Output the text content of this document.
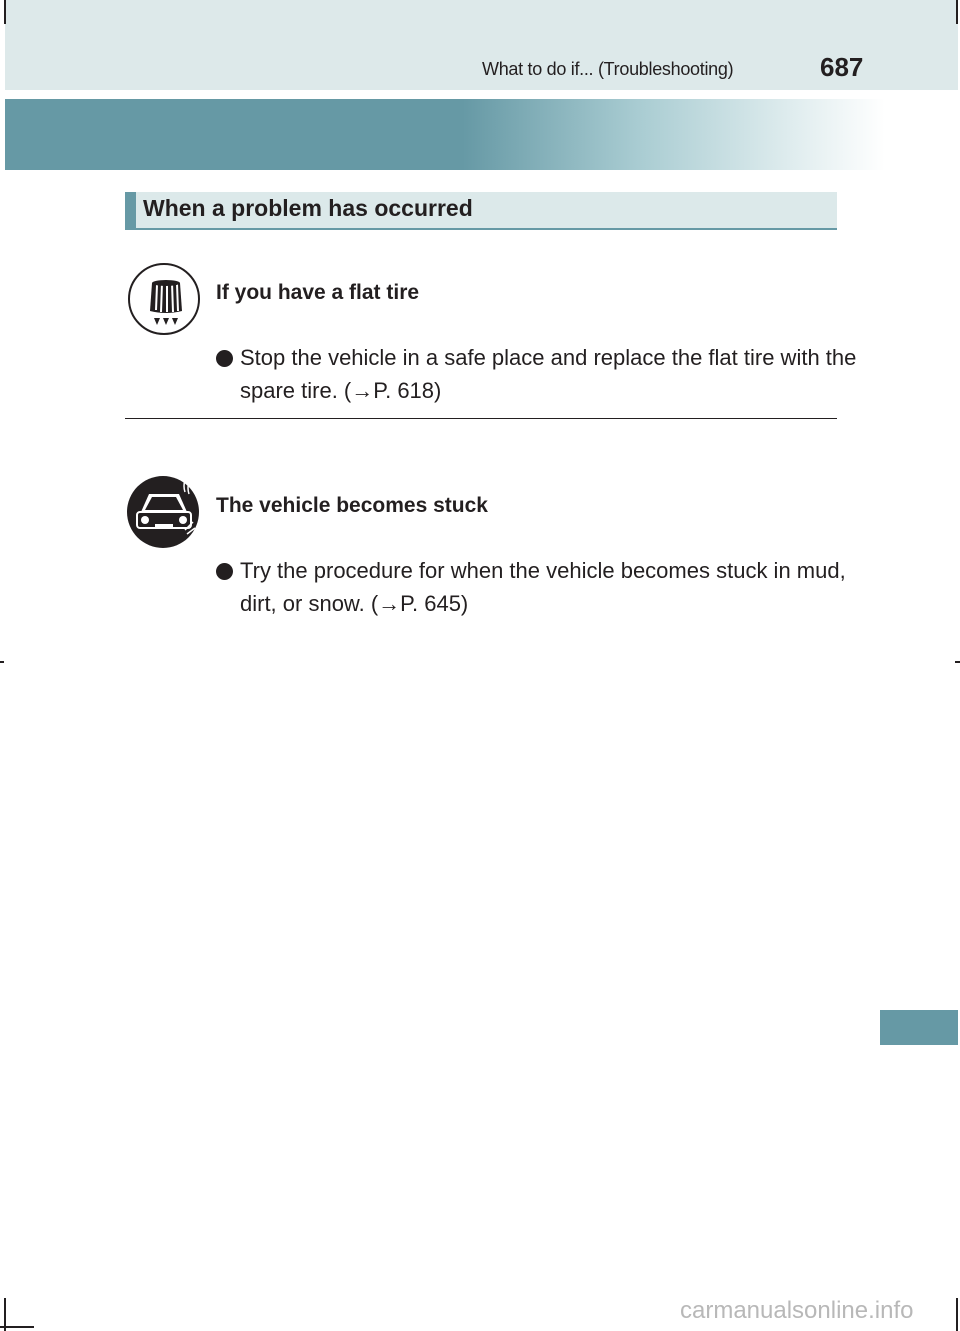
What to do if... (Troubleshooting)	687
When a problem has occurred
If you have a flat tire
Stop the vehicle in a safe place and replace the flat tire with the
spare tire. (→P. 618)
The vehicle becomes stuck
Try the procedure for when the vehicle becomes stuck in mud,
dirt, or snow. (→P. 645)
carmanualsonline.info
